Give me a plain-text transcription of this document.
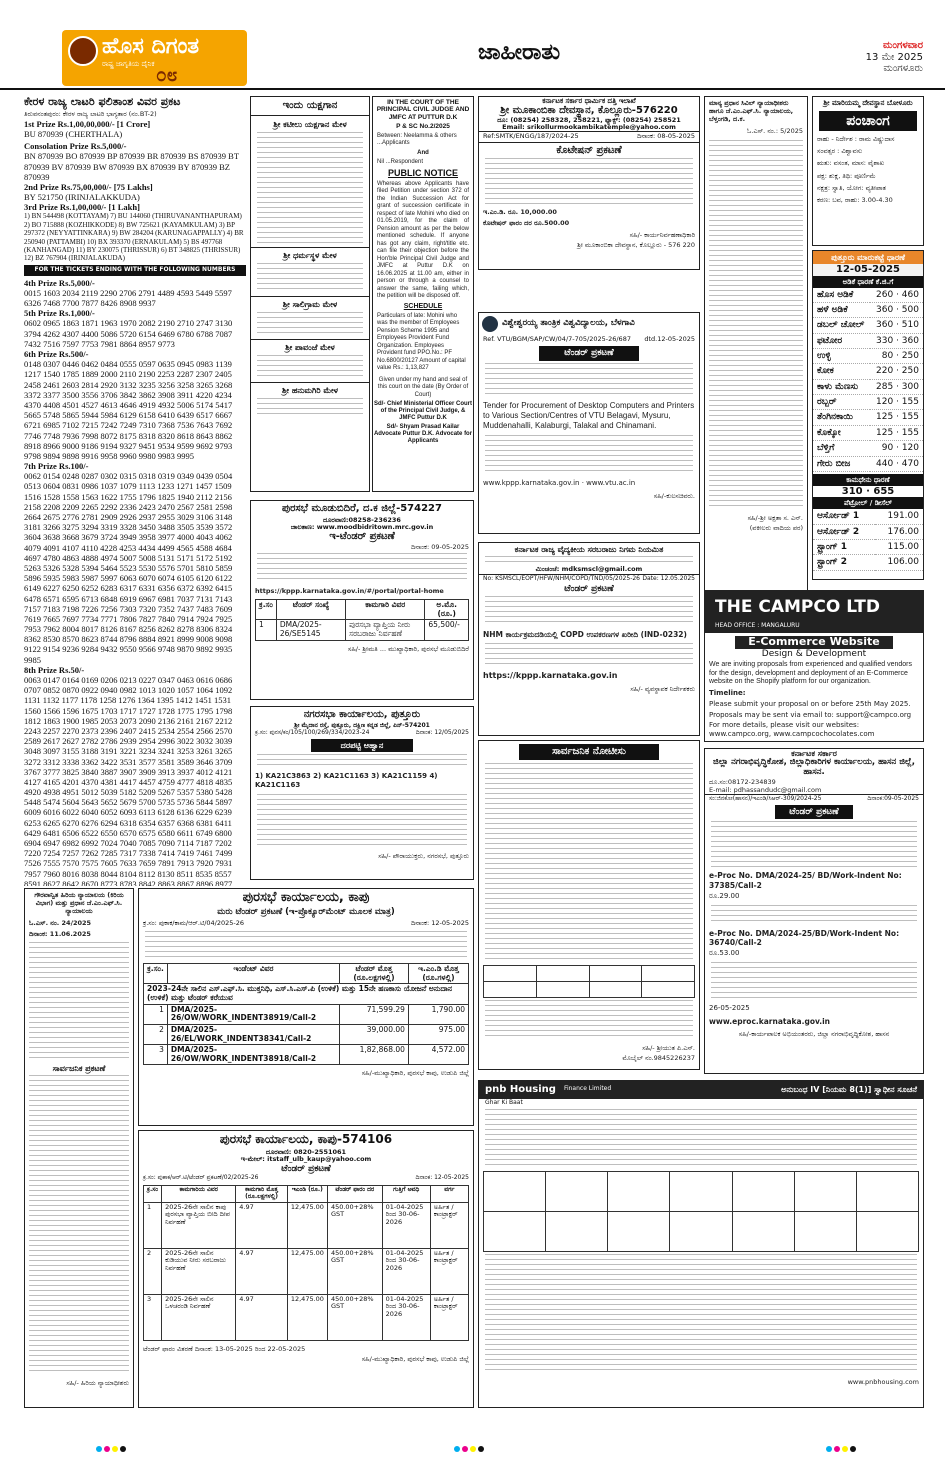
ಹೊಸ ದಿಗಂತ
ರಾಷ್ಟ್ರ ಜಾಗೃತಿಯ ದೈನಿಕ ೦೮
ಜಾಹೀರಾತು	ಮಂಗಳವಾರ
13 ಮೇ 2025
ಮಂಗಳೂರು
ಕೇರಳ ರಾಜ್ಯ ಲಾಟರಿ ಫಲಿತಾಂಶ ವಿವರ ಪ್ರಕಟ
ತಿರುವನಂತಪುರಂ: ಕೇರಳ ರಾಜ್ಯ ಲಾಟರಿ ಭಾಗ್ಯತಾರ (ನಂ.BT-2)
1st Prize Rs.1,00,00,000/- [1 Crore]
BU 870939 (CHERTHALA)
Consolation Prize Rs.5,000/-
BN 870939 BO 870939 BP 870939 BR 870939 BS 870939 BT 870939 BV 870939 BW 870939 BX 870939 BY 870939 BZ 870939
2nd Prize Rs.75,00,000/- [75 Lakhs]
BY 521750 (IRINJALAKKUDA)
3rd Prize Rs.1,00,000/- [1 Lakh]
1) BN 544498 (KOTTAYAM) 7) BU 144060 (THIRUVANANTHAPURAM) 2) BO 715888 (KOZHIKKODE) 8) BW 725621 (KAYAMKULAM) 3) BP 297372 (NEYYATTINKARA) 9) BW 284204 (KARUNAGAPPALLY) 4) BR 250940 (PATTAMBI) 10) BX 393370 (ERNAKULAM) 5) BS 497768 (KANHANGAD) 11) BY 230075 (THRISSUR) 6) BT 348825 (THRISSUR) 12) BZ 767904 (IRINJALAKUDA)
FOR THE TICKETS ENDING WITH THE FOLLOWING NUMBERS
4th Prize Rs.5,000/-
0015 1603 2034 2119 2290 2706 2791 4489 4593 5449 5597 6326 7468 7700 7877 8426 8908 9937
5th Prize Rs.1,000/-
0602 0965 1863 1871 1963 1970 2082 2190 2710 2747 3130 3794 4262 4307 4400 5086 5720 6154 6469 6780 6788 7087 7432 7516 7597 7753 7981 8864 8957 9773
6th Prize Rs.500/-
0148 0307 0446 0462 0484 0555 0597 0635 0945 0983 1139 1217 1540 1785 1889 2000 2110 2190 2253 2287 2307 2405 2458 2461 2603 2814 2920 3132 3235 3256 3258 3265 3268 3372 3377 3500 3556 3706 3842 3862 3908 3911 4220 4234 4370 4408 4501 4527 4613 4646 4919 4932 5006 5174 5417 5665 5748 5865 5944 5984 6129 6158 6410 6439 6517 6667 6721 6985 7102 7215 7242 7249 7310 7368 7536 7643 7692 7746 7748 7936 7998 8072 8175 8318 8320 8618 8643 8862 8918 8966 9000 9186 9194 9327 9451 9534 9599 9692 9793 9798 9894 9898 9916 9958 9960 9980 9983 9995
7th Prize Rs.100/-
0062 0154 0248 0287 0302 0315 0318 0319 0349 0439 0504 0513 0604 0831 0986 1037 1079 1113 1233 1271 1457 1509 1516 1528 1558 1563 1622 1755 1796 1825 1940 2112 2156 2158 2208 2209 2265 2292 2336 2423 2470 2567 2581 2598 2664 2675 2776 2781 2909 2926 2937 2955 3029 3106 3148 3181 3266 3275 3294 3319 3328 3450 3488 3505 3539 3572 3604 3638 3668 3679 3724 3949 3958 3977 4000 4043 4062 4079 4091 4107 4110 4228 4253 4434 4499 4565 4588 4684 4697 4780 4863 4888 4974 5007 5008 5131 5171 5172 5192 5263 5326 5328 5394 5464 5523 5530 5576 5701 5810 5859 5896 5935 5983 5987 5997 6063 6070 6074 6105 6120 6122 6149 6227 6250 6252 6283 6317 6331 6356 6372 6392 6415 6478 6571 6595 6713 6848 6919 6967 6981 7037 7131 7143 7157 7183 7198 7226 7256 7303 7320 7352 7437 7483 7609 7619 7665 7697 7734 7771 7806 7827 7840 7914 7924 7925 7953 7962 8004 8017 8126 8167 8256 8262 8278 8306 8324 8362 8530 8570 8623 8744 8796 8884 8921 8999 9008 9098 9122 9154 9236 9284 9432 9550 9566 9748 9870 9892 9935 9985
8th Prize Rs.50/-
0063 0147 0164 0169 0206 0213 0227 0347 0463 0616 0686 0707 0852 0870 0922 0940 0982 1013 1020 1057 1064 1092 1131 1132 1177 1178 1258 1276 1364 1395 1412 1451 1531 1560 1566 1596 1675 1703 1717 1727 1728 1775 1795 1798 1812 1863 1900 1985 2053 2073 2090 2136 2161 2167 2212 2243 2257 2270 2373 2396 2407 2415 2534 2554 2566 2570 2589 2617 2627 2782 2786 2939 2954 2996 3022 3032 3039 3048 3097 3155 3188 3191 3221 3234 3241 3253 3261 3265 3272 3312 3338 3362 3422 3531 3577 3581 3589 3646 3709 3767 3777 3825 3840 3887 3907 3909 3913 3937 4012 4121 4127 4165 4201 4370 4381 4417 4457 4759 4777 4818 4835 4920 4938 4951 5012 5039 5182 5209 5267 5357 5380 5428 5448 5474 5604 5643 5652 5679 5700 5735 5736 5844 5897 6009 6016 6022 6040 6052 6093 6113 6128 6136 6229 6239 6253 6265 6270 6276 6294 6318 6354 6357 6368 6381 6411 6429 6481 6506 6522 6550 6570 6575 6580 6611 6749 6800 6904 6947 6982 6992 7024 7040 7085 7090 7114 7187 7202 7220 7254 7257 7262 7285 7317 7338 7414 7419 7461 7499 7526 7555 7570 7575 7605 7633 7659 7891 7913 7920 7931 7957 7960 8016 8038 8044 8104 8112 8130 8511 8535 8557 8591 8627 8642 8670 8773 8783 8842 8863 8867 8896 8977
ಇಂದು ಯಕ್ಷಗಾನ
ಶ್ರೀ ಕಟೀಲು ಯಕ್ಷಗಾನ ಮೇಳ
ಶ್ರೀ ಧರ್ಮಸ್ಥಳ ಮೇಳ
ಶ್ರೀ ಸಾಲಿಗ್ರಾಮ ಮೇಳ
ಶ್ರೀ ಪಾವಂಜೆ ಮೇಳ
ಶ್ರೀ ಹನುಮಗಿರಿ ಮೇಳ
IN THE COURT OF THE PRINCIPAL CIVIL JUDGE AND JMFC AT PUTTUR D.K
P & SC No.2/2025
Between: Neelamma & others ...Applicants
And
Nil ...Respondent
PUBLIC NOTICE
Whereas above Applicants have filed Petition under section 372 of the Indian Succession Act for grant of succession certificate in respect of late Mohini who died on 01.05.2019, for the claim of Pension amount as per the below mentioned schedule. If anyone has got any claim, right/title etc. can file their objection before the Hon'ble Principal Civil Judge and JMFC at Puttur D.K on 16.06.2025 at 11.00 am, either in person or through a counsel to answer the same, failing which, the petition will be disposed off.
SCHEDULE
Particulars of late: Mohini who was the member of Employees Pension Scheme 1995 and Employees Provident Fund Organization. Employees Provident fund PPO.No.: PF No.6800/20127 Amount of capital value Rs.: 1,13,827
Given under my hand and seal of this court on the date (By Order of Court)
Sd/- Chief Ministerial Officer Court of the Principal Civil Judge, & JMFC Puttur D.K
Sd/- Shyam Prasad Kailar Advocate Puttur D.K. Advocate for Applicants
ಕರ್ನಾಟಕ ಸರ್ಕಾರ ಧಾರ್ಮಿಕ ದತ್ತಿ ಇಲಾಖೆ
ಶ್ರೀ ಮೂಕಾಂಬಿಕಾ ದೇವಸ್ಥಾನ, ಕೊಲ್ಲೂರು-576220
ದೂ: (08254) 258328, 258221, ಫ್ಯಾಕ್ಸ್: (08254) 258521
Email: srikollurmookambikatemple@yahoo.com
Ref:SMTK/ENGG/187/2024-25	ದಿನಾಂಕ: 08-05-2025
ಕೊಟೇಷನ್ ಪ್ರಕಟಣೆ
ಇ.ಎಂ.ಡಿ. ರೂ. 10,000.00
ಕೊಟೇಷನ್ ಫಾರಂ ದರ ರೂ.500.00
ಸಹಿ/- ಕಾರ್ಯನಿರ್ವಹಣಾಧಿಕಾರಿ
ಶ್ರೀ ಮೂಕಾಂಬಿಕಾ ದೇವಸ್ಥಾನ, ಕೊಲ್ಲೂರು - 576 220
ವಿಶ್ವೇಶ್ವರಯ್ಯ ತಾಂತ್ರಿಕ ವಿಶ್ವವಿದ್ಯಾಲಯ, ಬೆಳಗಾವಿ
Ref. VTU/BGM/SAP/CW/04/7-705/2025-26/687 dtd.12-05-2025
ಟೆಂಡರ್ ಪ್ರಕಟಣೆ
Tender for Procurement of Desktop Computers and Printers to Various Section/Centres of VTU Belagavi, Mysuru, Muddenahalli, Kalaburgi, Talakal and Chinamani.
www.kppp.karnataka.gov.in · www.vtu.ac.in
ಸಹಿ/-ಕುಲಸಚಿವರು.
ಕರ್ನಾಟಕ ರಾಜ್ಯ ವೈದ್ಯಕೀಯ ಸರಬರಾಜು ನಿಗಮ ನಿಯಮಿತ
ಮಿಂಚಂಚೆ: mdksmscl@gmail.com
No: KSMSCL/EOPT/HFW/NHM/COPD/TND/05/2025-26 Date: 12.05.2025
ಟೆಂಡರ್ ಪ್ರಕಟಣೆ
NHM ಕಾರ್ಯಕ್ರಮದಡಿಯಲ್ಲಿ COPD ಉಪಕರಣಗಳ ಖರೀದಿ (IND-0232)
https://kppp.karnataka.gov.in
ಸಹಿ/- ವ್ಯವಸ್ಥಾಪಕ ನಿರ್ದೇಶಕರು
ಮಾನ್ಯ ಪ್ರಧಾನ ಸಿವಿಲ್ ನ್ಯಾಯಾಧೀಶರು ಹಾಗೂ ಜೆ.ಎಂ.ಎಫ್.ಸಿ. ನ್ಯಾಯಾಲಯ, ಬೆಳ್ತಂಗಡಿ, ದ.ಕ.
ಓ.ಎಸ್. ನಂ.: 5/2025
ಸಹಿ/-ಶ್ರೀ ಅಕ್ಷತಾ ಸ. ಎನ್.
(ವಕೀಲರು ವಾದಿಯ ಪರ)
ಶ್ರೀ ಮಾರಿಯಮ್ಮ ದೇವಸ್ಥಾನ ಬೋಳೂರು
ಪಂಚಾಂಗ
ರಾಹು - ನಿರ್ದೇಶ : ರಾಮ ವಿಷ್ಣುದಾಸ
ಸಂವತ್ಸರ : ವಿಶ್ವಾವಸು
ಋತು: ವಸಂತ, ಮಾಸ: ವೈಶಾಖ
ಪಕ್ಷ: ಶುಕ್ಲ, ತಿಥಿ: ಪೂರ್ಣಿಮೆ
ನಕ್ಷತ್ರ: ಸ್ವಾತಿ, ಯೋಗ: ವ್ಯತೀಪಾತ
ಕರಣ: ಬವ, ರಾಹು: 3.00-4.30
ಪುತ್ತೂರು ಮಾರುಕಟ್ಟೆ ಧಾರಣೆ
12-05-2025
ಅಡಿಕೆ ಧಾರಣೆ ಕೆ.ಜಿ.ಗೆ
ಹೊಸ ಅಡಿಕೆ	260 · 460
ಹಳೆ ಅಡಿಕೆ	360 · 500
ಡಬಲ್ ಚೋಲ್	360 · 510
ಫಟೋರ	330 · 360
ಉಳ್ಳಿ	80 · 250
ಕೋಕ	220 · 250
ಕಾಳು ಮೆಣಸು	285 · 300
ರಬ್ಬರ್	120 · 155
ತೆಂಗಿನಕಾಯಿ	125 · 155
ಕೊಕ್ಕೋ	125 · 155
ಬೆಳ್ತಿಗೆ	90 · 120
ಗೇರು ಬೀಜ	440 · 470
ಕಾಮಧೇನು ಧಾರಣೆ
310 · 655
ಪೆಟ್ರೋಲ್ / ಡೀಸೆಲ್
ಆರ್ಸೋಡ್ 1	191.00
ಆರ್ಸೋಡ್ 2	176.00
ಸ್ಟ್ರಾಂಗ್ 1	115.00
ಸ್ಟ್ರಾಂಗ್ 2	106.00
THE CAMPCO LTD
HEAD OFFICE : MANGALURU
E-Commerce Website
Design & Development
We are inviting proposals from experienced and qualified vendors for the design, development and deployment of an E-Commerce website on the Shopify platform for our organization.
Timeline:
Please submit your proposal on or before 25th May 2025.
Proposals may be sent via email to: support@campco.org
For more details, please visit our websites: www.campco.org, www.campcochocolates.com
ಪುರಸಭೆ ಮೂಡುಬಿದಿರೆ, ದ.ಕ ಜಿಲ್ಲೆ-574227
ದೂರವಾಣಿ:08258-236236
ಜಾಲತಾಣ: www.moodbidritown.mrc.gov.in
ಇ-ಟೆಂಡರ್ ಪ್ರಕಟಣೆ
ದಿನಾಂಕ: 09-05-2025
https://kppp.karnataka.gov.in/#/portal/portal-home
ಕ್ರ.ಸಂ	ಟೆಂಡರ್ ಸಂಖ್ಯೆ	ಕಾಮಗಾರಿ ವಿವರ	ಅ.ಮೊ. (ರೂ.)
1	DMA/2025-26/SE5145	ಪುರಸಭಾ ವ್ಯಾಪ್ತಿಯ ನೀರು ಸರಬರಾಜು ನಿರ್ವಹಣೆ	65,500/-
ಸಹಿ/- ಶ್ರೀಮತಿ ... ಮುಖ್ಯಾಧಿಕಾರಿ, ಪುರಸಭೆ ಮೂಡುಬಿದಿರೆ
ನಗರಸಭಾ ಕಾರ್ಯಾಲಯ, ಪುತ್ತೂರು
ಶ್ರೀ ಮೈದಾನ ರಸ್ತೆ, ಪುತ್ತೂರು, ದಕ್ಷಿಣ ಕನ್ನಡ ಜಿಲ್ಲೆ, ಪಿನ್-574201
ಕ್ರ.ಸಂ: ಪುನಸ/ಕಂ/105/100/269/334/2023-24	ದಿನಾಂಕ: 12/05/2025
ದರಪಟ್ಟಿ ಆಹ್ವಾನ
1) KA21C3863 2) KA21C1163 3) KA21C1159 4) KA21C1163
ಸಹಿ/- ಪೌರಾಯುಕ್ತರು, ನಗರಸಭೆ, ಪುತ್ತೂರು
ಗೌರವಾನ್ವಿತ ಹಿರಿಯ ನ್ಯಾಯಾಲಯ (ಕಿರಿಯ ವಿಭಾಗ) ಮತ್ತು ಪ್ರಧಾನ ಜೆ.ಎಂ.ಎಫ್.ಸಿ. ನ್ಯಾಯಾಲಯ
ಓ.ಎಸ್. ನಂ. 24/2025
ದಿನಾಂಕ: 11.06.2025
ಸಾರ್ವಜನಿಕ ಪ್ರಕಟಣೆ
ಸಹಿ/- ಹಿರಿಯ ನ್ಯಾಯಾಧೀಶರು
ಪುರಸಭೆ ಕಾರ್ಯಾಲಯ, ಕಾಪು
ಮರು ಟೆಂಡರ್ ಪ್ರಕಟಣೆ (ಇ-ಪ್ರೊಕ್ಯೂರ್‌ಮೆಂಟ್ ಮೂಲಕ ಮಾತ್ರ)
ಕ್ರ.ಸಂ: ಪುಕಾಕ/ಕಾಮ/ಆರ್.ಟಿ/04/2025-26	ದಿನಾಂಕ: 12-05-2025
ಕ್ರ.ಸಂ.	ಇಂಡೆಂಟ್ ವಿವರ	ಟೆಂಡರ್ ಮೊತ್ತ (ರೂ.ಲಕ್ಷಗಳಲ್ಲಿ)	ಇ.ಎಂ.ಡಿ ಮೊತ್ತ (ರೂ.ಗಳಲ್ಲಿ)
2023-24ನೇ ಸಾಲಿನ ಎಸ್.ಎಫ್.ಸಿ. ಮುಕ್ತನಿಧಿ, ಎಸ್.ಸಿ.ಎಸ್.ಪಿ (ಉಳಿಕೆ) ಮತ್ತು 15ನೇ ಹಣಕಾಸು ಯೋಜನೆ ಅನುದಾನ (ಉಳಿಕೆ) ಮತ್ತು ಟೆಂಡರ್ ಕರೆಯುವ			
1	DMA/2025-26/OW/WORK_INDENT38919/Call-2	71,599.29	1,790.00
2	DMA/2025-26/EL/WORK_INDENT38341/Call-2	39,000.00	975.00
3	DMA/2025-26/OW/WORK_INDENT38918/Call-2	1,82,868.00	4,572.00
ಸಹಿ/-ಮುಖ್ಯಾಧಿಕಾರಿ, ಪುರಸಭೆ ಕಾಪು, ಉಡುಪಿ ಜಿಲ್ಲೆ
ಪುರಸಭೆ ಕಾರ್ಯಾಲಯ, ಕಾಪು-574106
ದೂರವಾಣಿ: 0820-2551061
ಇ-ಮೇಲ್: itstaff_ulb_kaup@yahoo.com
ಟೆಂಡರ್ ಪ್ರಕಟಣೆ
ಕ್ರ.ಸಂ: ಪುಕಾಕ/ಆರ್.ಟಿ/ಟೆಂಡರ್ ಪ್ರಕಟಣೆ/02/2025-26	ದಿನಾಂಕ: 12-05-2025
ಕ್ರ.ಸಂ	ಕಾಮಗಾರಿಯ ವಿವರ	ಕಾಮಗಾರಿ ಮೊತ್ತ (ರೂ.ಲಕ್ಷಗಳಲ್ಲಿ)	ಇಎಂಡಿ (ರೂ.)	ಟೆಂಡರ್ ಫಾರಂ ದರ	ಗುತ್ತಿಗೆ ಅವಧಿ	ವರ್ಗ
1	2025-26ನೇ ಸಾಲಿನ ಕಾಪು ಪುರಸಭಾ ವ್ಯಾಪ್ತಿಯ ಬೀದಿ ದೀಪ ನಿರ್ವಹಣೆ	4.97	12,475.00	450.00+28% GST	01-04-2025 ರಿಂದ 30-06-2026	ಅರ್ಹಿತ / ಕಾಂಟ್ರಾಕ್ಟರ್
2	2025-26ನೇ ಸಾಲಿನ ಕುಡಿಯುವ ನೀರು ಸರಬರಾಜು ನಿರ್ವಹಣೆ	4.97	12,475.00	450.00+28% GST	01-04-2025 ರಿಂದ 30-06-2026	ಅರ್ಹಿತ / ಕಾಂಟ್ರಾಕ್ಟರ್
3	2025-26ನೇ ಸಾಲಿನ ಒಳಚರಂಡಿ ನಿರ್ವಹಣೆ	4.97	12,475.00	450.00+28% GST	01-04-2025 ರಿಂದ 30-06-2026	ಅರ್ಹಿತ / ಕಾಂಟ್ರಾಕ್ಟರ್
ಟೆಂಡರ್ ಫಾರಂ ವಿತರಣೆ ದಿನಾಂಕ: 13-05-2025 ರಿಂದ 22-05-2025
ಸಹಿ/-ಮುಖ್ಯಾಧಿಕಾರಿ, ಪುರಸಭೆ ಕಾಪು, ಉಡುಪಿ ಜಿಲ್ಲೆ
ಸಾರ್ವಜನಿಕ ನೋಟೀಸು

ಸಹಿ/- ಶ್ರೀಯುತ ಪಿ.ಎಸ್.
ಮೊಬೈಲ್ ನಂ.9845226237
ಕರ್ನಾಟಕ ಸರ್ಕಾರ
ಜಿಲ್ಲಾ ನಗರಾಭಿವೃದ್ಧಿಕೋಶ, ಜಿಲ್ಲಾಧಿಕಾರಿಗಳ ಕಾರ್ಯಾಲಯ, ಹಾಸನ ಜಿಲ್ಲೆ, ಹಾಸನ.
ದೂ.ಸಂ:08172-234839
E-mail: pdhassandudc@gmail.com
ಸಂ:ಜಿನಕೋ(ಹಾಸನ)/ಇಎಂಡಿ/ಸಿಆರ್-309/2024-25	ದಿನಾಂಕ:09-05-2025
ಟೆಂಡರ್ ಪ್ರಕಟಣೆ
e-Proc No. DMA/2024-25/ BD/Work-Indent No: 37385/Call-2
ರೂ.29.00
e-Proc No. DMA/2024-25/BD/Work-Indent No: 36740/Call-2
ರೂ.53.00
26-05-2025
www.eproc.karnataka.gov.in
ಸಹಿ/-ಕಾರ್ಯಪಾಲಕ ಅಭಿಯಂತರರು, ಜಿಲ್ಲಾ ನಗರಾಭಿವೃದ್ಧಿಕೋಶ, ಹಾಸನ
pnb Housing Finance Limited	ಅನುಬಂಧ IV [ನಿಯಮ 8(1)] ಸ್ವಾಧೀನ ಸೂಚನೆ
Ghar Ki Baat

www.pnbhousing.com
